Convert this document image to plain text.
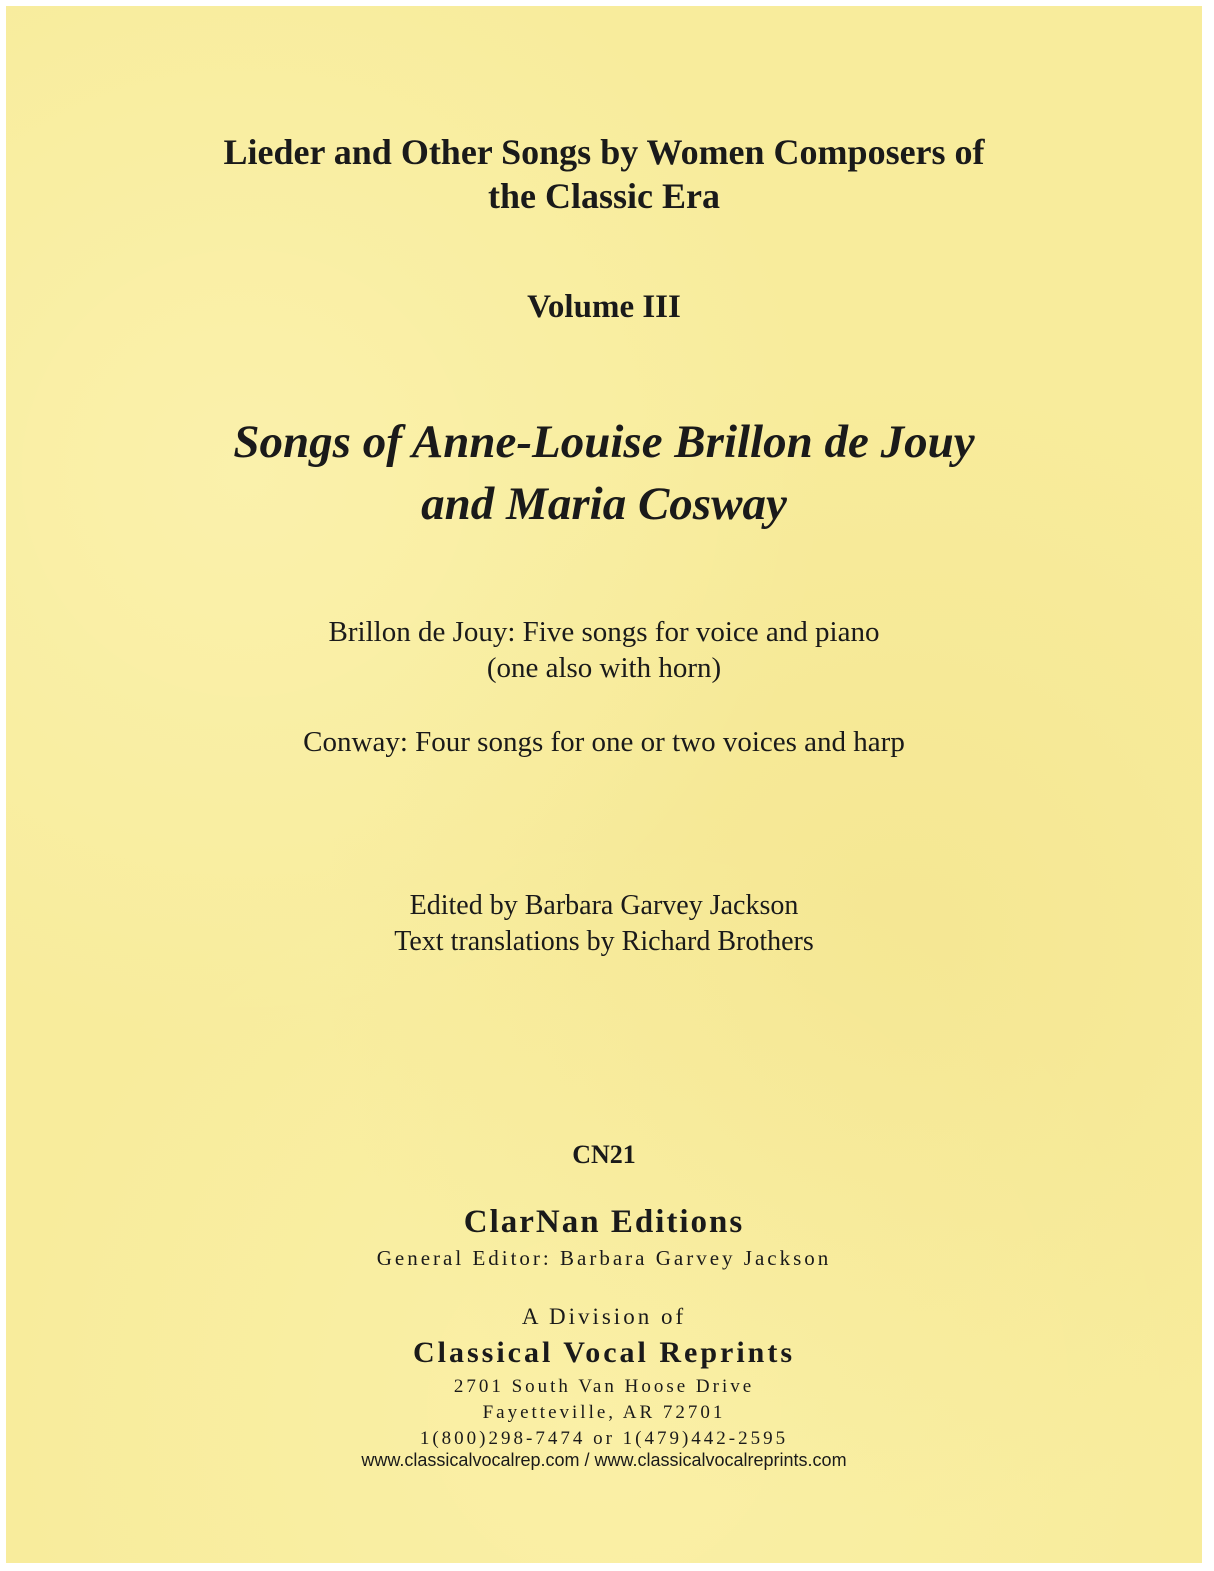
Lieder and Other Songs by Women Composers of
the Classic Era
Volume III
Songs of Anne-Louise Brillon de Jouy
and Maria Cosway
Brillon de Jouy: Five songs for voice and piano
(one also with horn)
Conway: Four songs for one or two voices and harp
Edited by Barbara Garvey Jackson
Text translations by Richard Brothers
CN21
ClarNan Editions
General Editor: Barbara Garvey Jackson
A Division of
Classical Vocal Reprints
2701 South Van Hoose Drive
Fayetteville, AR 72701
1(800)298-7474 or 1(479)442-2595
www.classicalvocalrep.com / www.classicalvocalreprints.com
